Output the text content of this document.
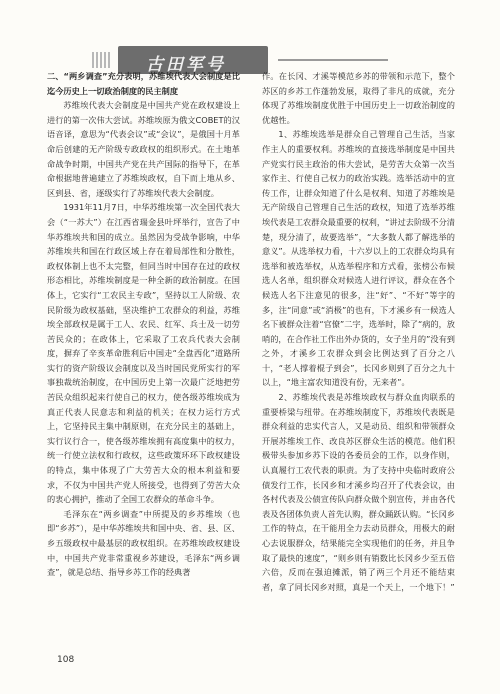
古田军号

二、“两乡调查”充分表明，苏维埃代表大会制度是比迄今历史上一切政治制度的民主制度

苏维埃代表大会制度是中国共产党在政权建设上进行的第一次伟大尝试。苏维埃原为俄文COBET的汉语音译，意思为“代表会议”或“会议”，是俄国十月革命后创建的无产阶级专政政权的组织形式。在土地革命战争时期，中国共产党在共产国际的指导下，在革命根据地普遍建立了苏维埃政权，自下而上地从乡、区到县、省，逐级实行了苏维埃代表大会制度。

1931年11月7日，中华苏维埃第一次全国代表大会（“一苏大”）在江西省瑞金县叶坪举行，宣告了中华苏维埃共和国的成立。虽然因为受战争影响，中华苏维埃共和国在行政区域上存在着局部性和分散性，政权体制上也不太完整，但同当时中国存在过的政权形态相比，苏维埃制度是一种全新的政治制度。在国体上，它实行“工农民主专政”，坚持以工人阶级、农民阶级为政权基础，坚决维护工农群众的利益，苏维埃全部政权是属于工人、农民、红军、兵士及一切劳苦民众的；在政体上，它采取了工农兵代表大会制度，摒弃了辛亥革命胜利后中国走“全盘西化”道路所实行的资产阶级议会制度以及当时国民党所实行的军事独裁统治制度，在中国历史上第一次最广泛地把劳苦民众组织起来行使自己的权力，使各级苏维埃成为真正代表人民意志和利益的机关；在权力运行方式上，它坚持民主集中制原则，在充分民主的基础上，实行议行合一，使各级苏维埃拥有高度集中的权力，统一行使立法权和行政权，这些政策环环下政权建设的特点，集中体现了广大劳苦大众的根本利益和要求，不仅为中国共产党人所接受，也得到了劳苦大众的衷心拥护，推动了全国工农群众的革命斗争。

毛泽东在“两乡调查”中所提及的乡苏维埃（也即“乡苏”），是中华苏维埃共和国中央、省、县、区、乡五级政权中最基层的政权组织。在苏维埃政权建设中，中国共产党非常重视乡苏建设，毛泽东“两乡调查”，就是总结、指导乡苏工作的经典著

作。在长冈、才溪等模范乡苏的带领和示范下，整个苏区的乡苏工作蓬勃发展，取得了非凡的成就，充分体现了苏维埃制度优胜于中国历史上一切政治制度的优越性。

1、苏维埃选举是群众自己管理自己生活，当家作主人的重要权利。苏维埃的直接选举制度是中国共产党实行民主政治的伟大尝试，是劳苦大众第一次当家作主、行使自己权力的政治实践。选举活动中的宣传工作，让群众知道了什么是权利、知道了苏维埃是无产阶级自己管理自己生活的政权，知道了选举苏维埃代表是工农群众最重要的权利，“讲过去阶级不分清楚，现分清了，故要选举”，“大多数人都了解选举的意义”。从选举权力看，十六岁以上的工农群众均具有选举和被选举权，从选举程序和方式看，张榜公布候选人名单，组织群众对候选人进行评议，群众在各个候选人名下注意见的很多，注“好”、“不好”等字的多，注“同意”或“消极”的也有，下才溪乡有一候选人名下被群众注着“官僚”二字，选举时，除了“病的，放哨的，在合作社工作出外办货的，女子坐月的”没有到之外，才溪乡工农群众到会比例达到了百分之八十，“老人撑着棍子到会”，长冈乡则到了百分之九十以上，“地主富农知道没有份，无来者”。

2、苏维埃代表是苏维埃政权与群众血肉联系的重要桥梁与纽带。在苏维埃制度下，苏维埃代表既是群众利益的忠实代言人，又是动员、组织和带领群众开展苏维埃工作、改良苏区群众生活的模范。他们积极带头参加乡苏下设的各委员会的工作，以身作则，认真履行工农代表的职责。为了支持中央临时政府公债发行工作，长冈乡和才溪乡均召开了代表会议，由各村代表及公债宣传队向群众做个别宣传，并由各代表及各团体负责人首先认购，群众踊跃认购。“长冈乡工作的特点，在干能用全力去动员群众，用极大的耐心去说服群众，结果能完全实现他们的任务，并且争取了最快的速度”，“则乡则有销数比长冈乡少至五倍六倍，反而在强迫摊派，销了两三个月还不能结束者，拿了同长冈乡对照，真是一个天上，一个地下！”

108
